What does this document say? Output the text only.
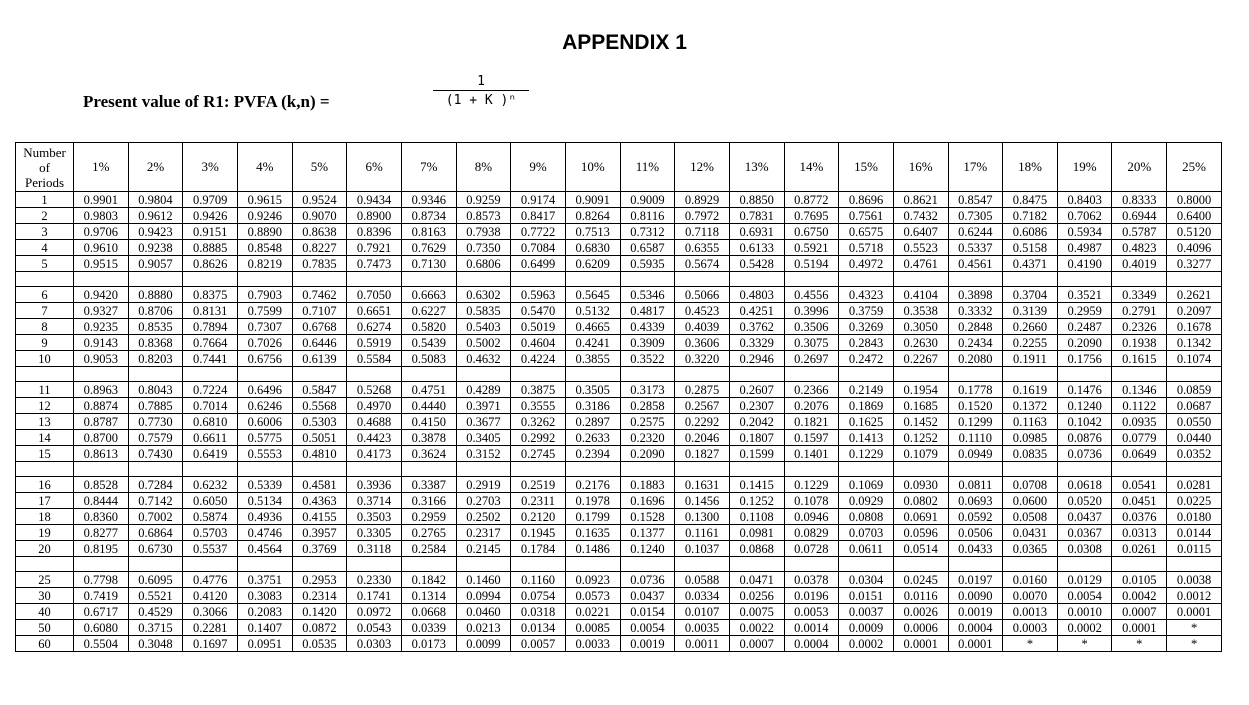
APPENDIX 1
Present value of R1: PVFA (k,n) =	$\frac{1}{\text{(1 + K )ⁿ}}$
Number
of
Periods	1%	2%	3%	4%	5%	6%	7%	8%	9%	10%	11%	12%	13%	14%	15%	16%	17%	18%	19%	20%	25%
1	0.9901	0.9804	0.9709	0.9615	0.9524	0.9434	0.9346	0.9259	0.9174	0.9091	0.9009	0.8929	0.8850	0.8772	0.8696	0.8621	0.8547	0.8475	0.8403	0.8333	0.8000
2	0.9803	0.9612	0.9426	0.9246	0.9070	0.8900	0.8734	0.8573	0.8417	0.8264	0.8116	0.7972	0.7831	0.7695	0.7561	0.7432	0.7305	0.7182	0.7062	0.6944	0.6400
3	0.9706	0.9423	0.9151	0.8890	0.8638	0.8396	0.8163	0.7938	0.7722	0.7513	0.7312	0.7118	0.6931	0.6750	0.6575	0.6407	0.6244	0.6086	0.5934	0.5787	0.5120
4	0.9610	0.9238	0.8885	0.8548	0.8227	0.7921	0.7629	0.7350	0.7084	0.6830	0.6587	0.6355	0.6133	0.5921	0.5718	0.5523	0.5337	0.5158	0.4987	0.4823	0.4096
5	0.9515	0.9057	0.8626	0.8219	0.7835	0.7473	0.7130	0.6806	0.6499	0.6209	0.5935	0.5674	0.5428	0.5194	0.4972	0.4761	0.4561	0.4371	0.4190	0.4019	0.3277

6	0.9420	0.8880	0.8375	0.7903	0.7462	0.7050	0.6663	0.6302	0.5963	0.5645	0.5346	0.5066	0.4803	0.4556	0.4323	0.4104	0.3898	0.3704	0.3521	0.3349	0.2621
7	0.9327	0.8706	0.8131	0.7599	0.7107	0.6651	0.6227	0.5835	0.5470	0.5132	0.4817	0.4523	0.4251	0.3996	0.3759	0.3538	0.3332	0.3139	0.2959	0.2791	0.2097
8	0.9235	0.8535	0.7894	0.7307	0.6768	0.6274	0.5820	0.5403	0.5019	0.4665	0.4339	0.4039	0.3762	0.3506	0.3269	0.3050	0.2848	0.2660	0.2487	0.2326	0.1678
9	0.9143	0.8368	0.7664	0.7026	0.6446	0.5919	0.5439	0.5002	0.4604	0.4241	0.3909	0.3606	0.3329	0.3075	0.2843	0.2630	0.2434	0.2255	0.2090	0.1938	0.1342
10	0.9053	0.8203	0.7441	0.6756	0.6139	0.5584	0.5083	0.4632	0.4224	0.3855	0.3522	0.3220	0.2946	0.2697	0.2472	0.2267	0.2080	0.1911	0.1756	0.1615	0.1074

11	0.8963	0.8043	0.7224	0.6496	0.5847	0.5268	0.4751	0.4289	0.3875	0.3505	0.3173	0.2875	0.2607	0.2366	0.2149	0.1954	0.1778	0.1619	0.1476	0.1346	0.0859
12	0.8874	0.7885	0.7014	0.6246	0.5568	0.4970	0.4440	0.3971	0.3555	0.3186	0.2858	0.2567	0.2307	0.2076	0.1869	0.1685	0.1520	0.1372	0.1240	0.1122	0.0687
13	0.8787	0.7730	0.6810	0.6006	0.5303	0.4688	0.4150	0.3677	0.3262	0.2897	0.2575	0.2292	0.2042	0.1821	0.1625	0.1452	0.1299	0.1163	0.1042	0.0935	0.0550
14	0.8700	0.7579	0.6611	0.5775	0.5051	0.4423	0.3878	0.3405	0.2992	0.2633	0.2320	0.2046	0.1807	0.1597	0.1413	0.1252	0.1110	0.0985	0.0876	0.0779	0.0440
15	0.8613	0.7430	0.6419	0.5553	0.4810	0.4173	0.3624	0.3152	0.2745	0.2394	0.2090	0.1827	0.1599	0.1401	0.1229	0.1079	0.0949	0.0835	0.0736	0.0649	0.0352

16	0.8528	0.7284	0.6232	0.5339	0.4581	0.3936	0.3387	0.2919	0.2519	0.2176	0.1883	0.1631	0.1415	0.1229	0.1069	0.0930	0.0811	0.0708	0.0618	0.0541	0.0281
17	0.8444	0.7142	0.6050	0.5134	0.4363	0.3714	0.3166	0.2703	0.2311	0.1978	0.1696	0.1456	0.1252	0.1078	0.0929	0.0802	0.0693	0.0600	0.0520	0.0451	0.0225
18	0.8360	0.7002	0.5874	0.4936	0.4155	0.3503	0.2959	0.2502	0.2120	0.1799	0.1528	0.1300	0.1108	0.0946	0.0808	0.0691	0.0592	0.0508	0.0437	0.0376	0.0180
19	0.8277	0.6864	0.5703	0.4746	0.3957	0.3305	0.2765	0.2317	0.1945	0.1635	0.1377	0.1161	0.0981	0.0829	0.0703	0.0596	0.0506	0.0431	0.0367	0.0313	0.0144
20	0.8195	0.6730	0.5537	0.4564	0.3769	0.3118	0.2584	0.2145	0.1784	0.1486	0.1240	0.1037	0.0868	0.0728	0.0611	0.0514	0.0433	0.0365	0.0308	0.0261	0.0115

25	0.7798	0.6095	0.4776	0.3751	0.2953	0.2330	0.1842	0.1460	0.1160	0.0923	0.0736	0.0588	0.0471	0.0378	0.0304	0.0245	0.0197	0.0160	0.0129	0.0105	0.0038
30	0.7419	0.5521	0.4120	0.3083	0.2314	0.1741	0.1314	0.0994	0.0754	0.0573	0.0437	0.0334	0.0256	0.0196	0.0151	0.0116	0.0090	0.0070	0.0054	0.0042	0.0012
40	0.6717	0.4529	0.3066	0.2083	0.1420	0.0972	0.0668	0.0460	0.0318	0.0221	0.0154	0.0107	0.0075	0.0053	0.0037	0.0026	0.0019	0.0013	0.0010	0.0007	0.0001
50	0.6080	0.3715	0.2281	0.1407	0.0872	0.0543	0.0339	0.0213	0.0134	0.0085	0.0054	0.0035	0.0022	0.0014	0.0009	0.0006	0.0004	0.0003	0.0002	0.0001	*
60	0.5504	0.3048	0.1697	0.0951	0.0535	0.0303	0.0173	0.0099	0.0057	0.0033	0.0019	0.0011	0.0007	0.0004	0.0002	0.0001	0.0001	*	*	*	*
